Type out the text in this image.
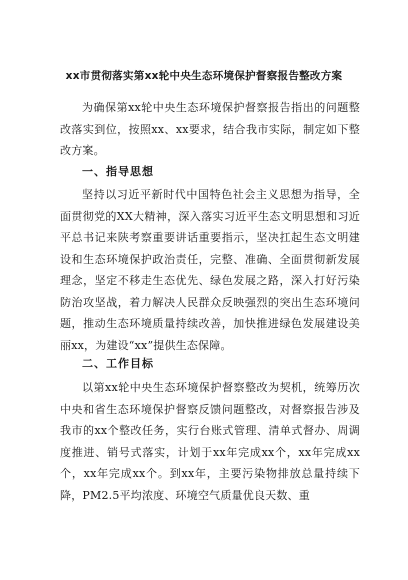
xx市贯彻落实第xx轮中央生态环境保护督察报告整改方案
为确保第xx轮中央生态环境保护督察报告指出的问题整改落实到位，按照xx、xx要求，结合我市实际，制定如下整改方案。
一、指导思想
坚持以习近平新时代中国特色社会主义思想为指导，全面贯彻党的XX大精神，深入落实习近平生态文明思想和习近平总书记来陕考察重要讲话重要指示，坚决扛起生态文明建设和生态环境保护政治责任，完整、准确、全面贯彻新发展理念，坚定不移走生态优先、绿色发展之路，深入打好污染防治攻坚战，着力解决人民群众反映强烈的突出生态环境问题，推动生态环境质量持续改善，加快推进绿色发展建设美丽xx，为建设“xx”提供生态保障。
二、工作目标
以第xx轮中央生态环境保护督察整改为契机，统筹历次中央和省生态环境保护督察反馈问题整改，对督察报告涉及我市的xx个整改任务，实行台账式管理、清单式督办、周调度推进、销号式落实，计划于xx年完成xx个，xx年完成xx个，xx年完成xx个。到xx年，主要污染物排放总量持续下降，PM2.5平均浓度、环境空气质量优良天数、重
